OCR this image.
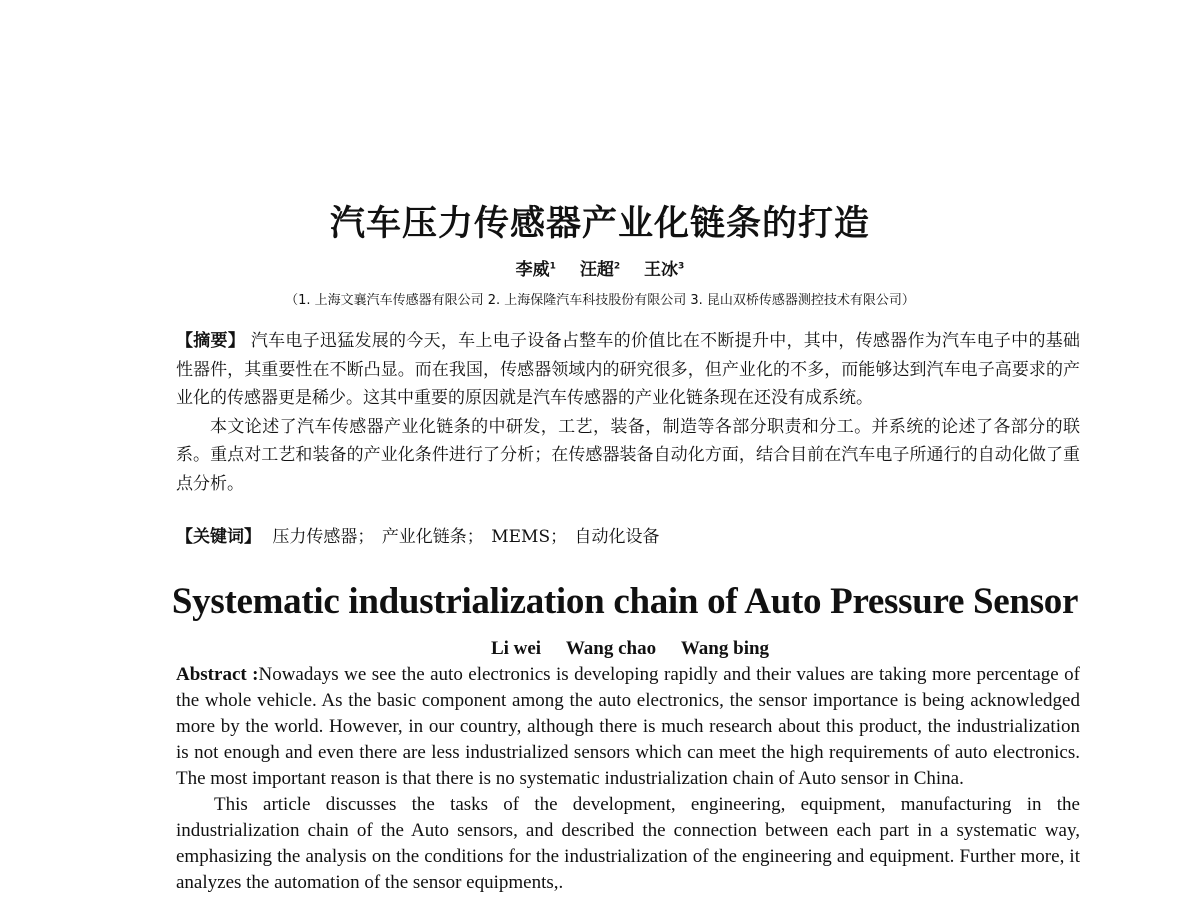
汽车压力传感器产业化链条的打造
李威$^1$ 汪超$^2$ 王冰$^3$
（1. 上海文襄汽车传感器有限公司 2. 上海保隆汽车科技股份有限公司 3. 昆山双桥传感器测控技术有限公司）
【摘要】 汽车电子迅猛发展的今天，车上电子设备占整车的价值比在不断提升中，其中，传感器作为汽车电子中的基础性器件，其重要性在不断凸显。而在我国，传感器领域内的研究很多，但产业化的不多，而能够达到汽车电子高要求的产业化的传感器更是稀少。这其中重要的原因就是汽车传感器的产业化链条现在还没有成系统。
本文论述了汽车传感器产业化链条的中研发，工艺，装备，制造等各部分职责和分工。并系统的论述了各部分的联系。重点对工艺和装备的产业化条件进行了分析；在传感器装备自动化方面，结合目前在汽车电子所通行的自动化做了重点分析。
【关键词】 压力传感器； 产业化链条； MEMS； 自动化设备
Systematic industrialization chain of Auto Pressure Sensor
Li wei Wang chao Wang bing

Abstract :Nowadays we see the auto electronics is developing rapidly and their values are taking more percentage of the whole vehicle. As the basic component among the auto electronics, the sensor importance is being acknowledged more by the world. However, in our country, although there is much research about this product, the industrialization is not enough and even there are less industrialized sensors which can meet the high requirements of auto electronics. The most important reason is that there is no systematic industrialization chain of Auto sensor in China.

This article discusses the tasks of the development, engineering, equipment, manufacturing in the industrialization chain of the Auto sensors, and described the connection between each part in a systematic way, emphasizing the analysis on the conditions for the industrialization of the engineering and equipment. Further more, it analyzes the automation of the sensor equipments,.
